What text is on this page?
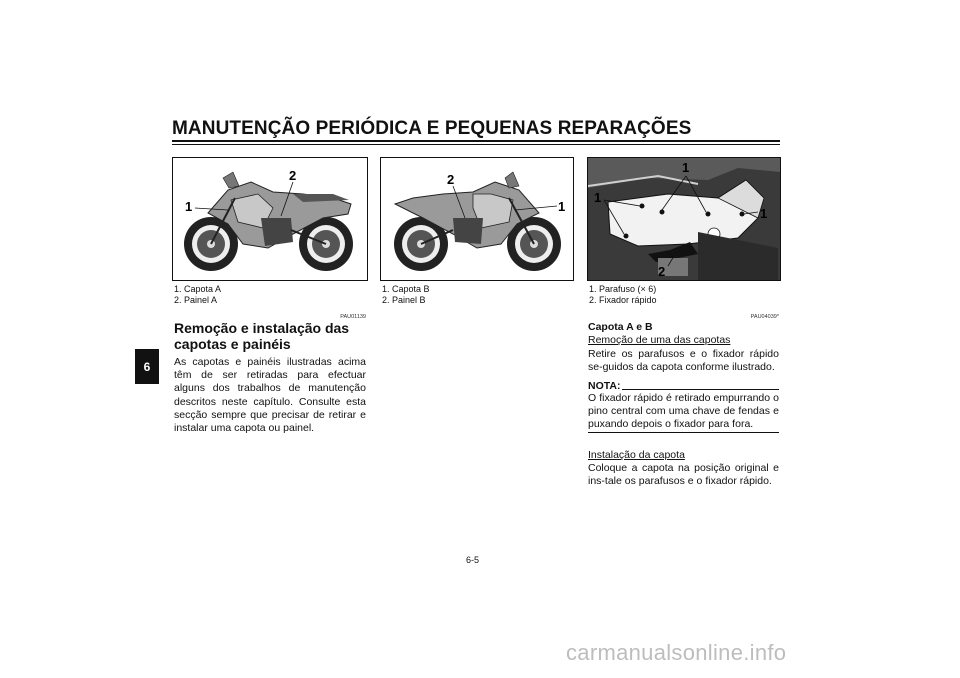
MANUTENÇÃO PERIÓDICA E PEQUENAS REPARAÇÕES
6
1
2
1. Capota A
2. Painel A
2
1
1. Capota B
2. Painel B
1
1
1
2
1. Parafuso (× 6)
2. Fixador rápido
PAU01139
Remoção e instalação das
capotas e painéis
As capotas e painéis ilustradas acima têm de ser retiradas para efectuar alguns dos trabalhos de manutenção descritos neste capítulo. Consulte esta secção sempre que precisar de retirar e instalar uma capota ou painel.
PAU04039*
Capota A e B
Remoção de uma das capotas
Retire os parafusos e o fixador rápido se-guidos da capota conforme ilustrado.
NOTA:
O fixador rápido é retirado empurrando o pino central com uma chave de fendas e puxando depois o fixador para fora.
Instalação da capota
Coloque a capota na posição original e ins-tale os parafusos e o fixador rápido.
6-5
carmanualsonline.info
